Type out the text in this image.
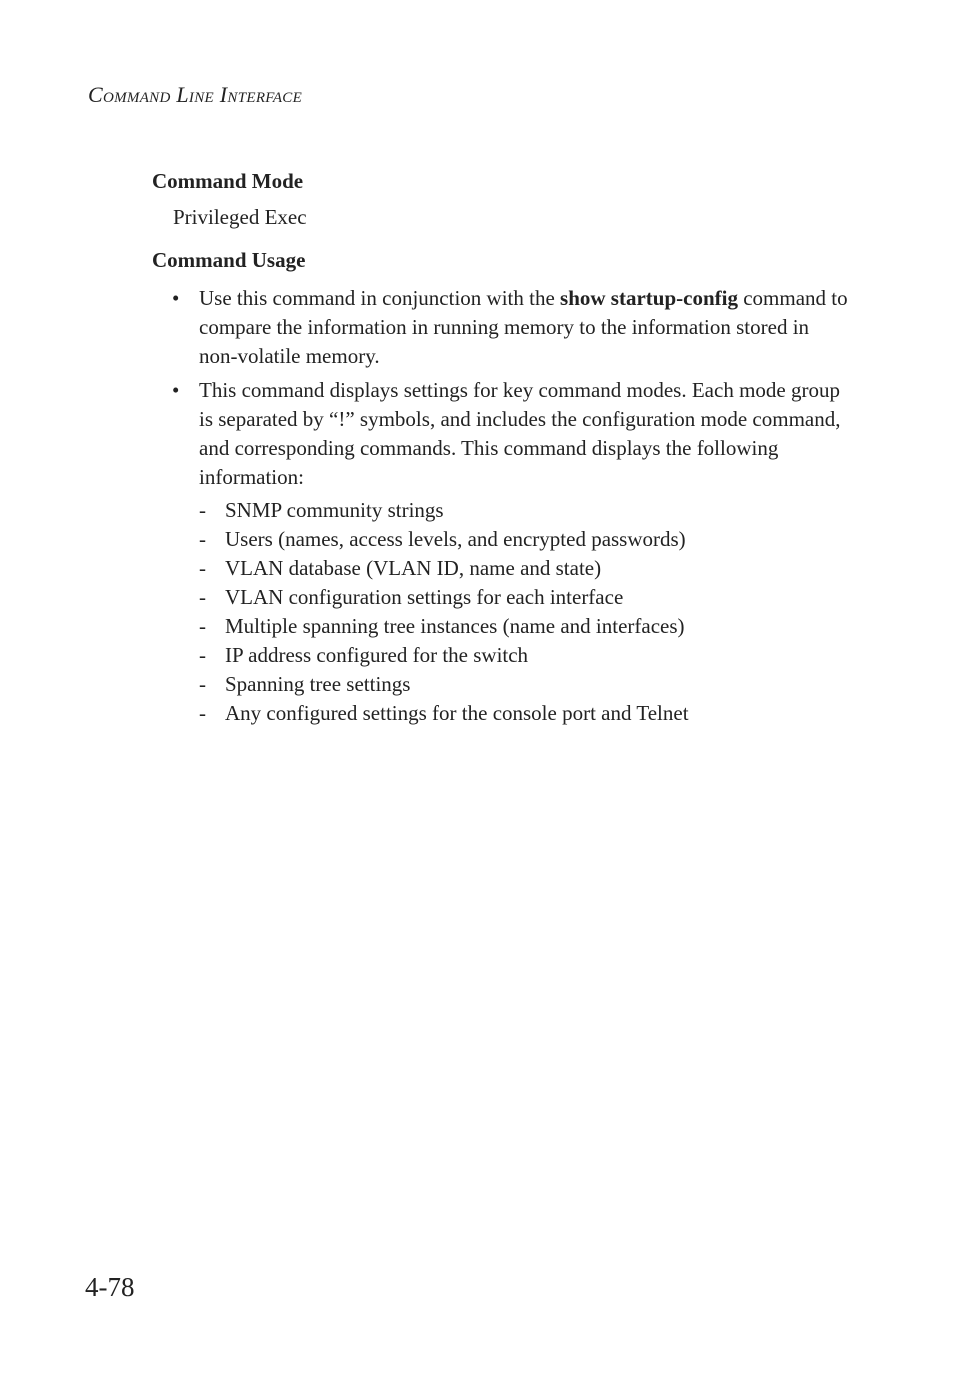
Command Line Interface
Command Mode
Privileged Exec
Command Usage
• Use this command in conjunction with the show startup-config command to compare the information in running memory to the information stored in non-volatile memory.
• This command displays settings for key command modes. Each mode group is separated by “!” symbols, and includes the configuration mode command, and corresponding commands. This command displays the following information:
- SNMP community strings
- Users (names, access levels, and encrypted passwords)
- VLAN database (VLAN ID, name and state)
- VLAN configuration settings for each interface
- Multiple spanning tree instances (name and interfaces)
- IP address configured for the switch
- Spanning tree settings
- Any configured settings for the console port and Telnet
4-78
